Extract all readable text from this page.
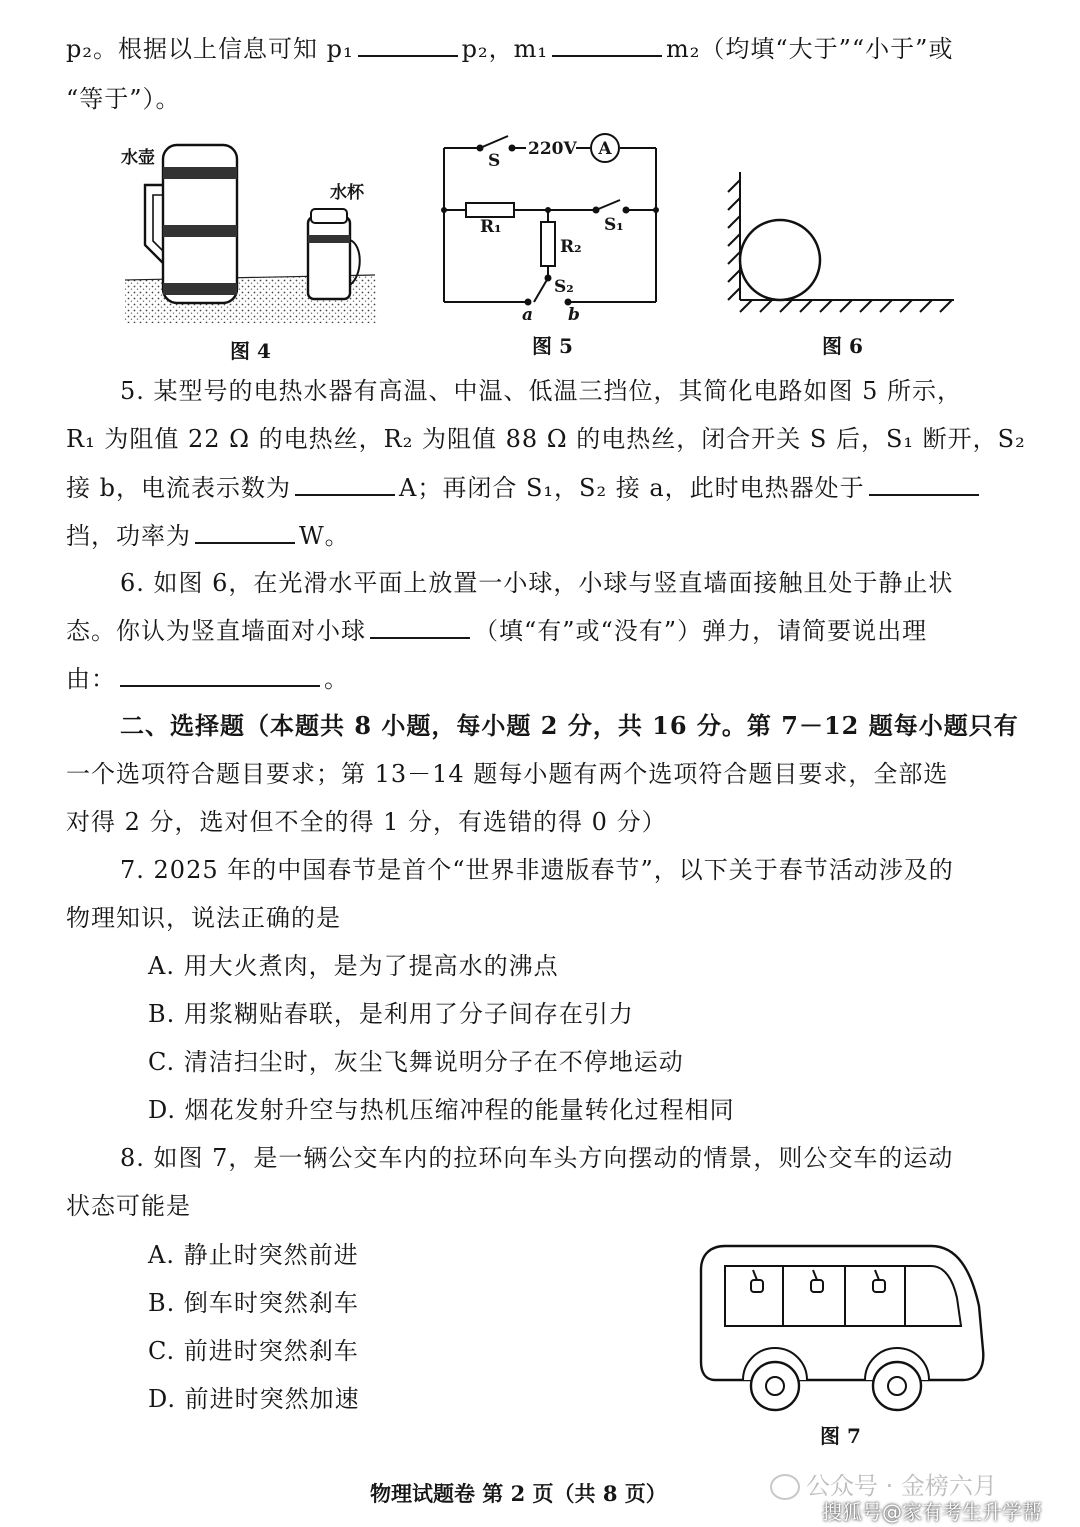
p₂。根据以上信息可知 p₁	p₂，m₁	m₂（均填“大于”“小于”或
“等于”）。
水壶
水杯
图 4
A
220V
S
R₁
R₂
S₁
S₂
a b
图 5	图 6
5. 某型号的电热水器有高温、中温、低温三挡位，其简化电路如图 5 所示，
R₁ 为阻值 22 Ω 的电热丝，R₂ 为阻值 88 Ω 的电热丝，闭合开关 S 后，S₁ 断开，S₂
接 b，电流表示数为	A；再闭合 S₁，S₂ 接 a，此时电热器处于
挡，功率为	W。
6. 如图 6，在光滑水平面上放置一小球，小球与竖直墙面接触且处于静止状
态。你认为竖直墙面对小球	（填“有”或“没有”）弹力，请简要说出理
由：	。
二、选择题（本题共 8 小题，每小题 2 分，共 16 分。第 7－12 题每小题只有
一个选项符合题目要求；第 13－14 题每小题有两个选项符合题目要求，全部选
对得 2 分，选对但不全的得 1 分，有选错的得 0 分）
7. 2025 年的中国春节是首个“世界非遗版春节”，以下关于春节活动涉及的
物理知识，说法正确的是
A. 用大火煮肉，是为了提高水的沸点
B. 用浆糊贴春联，是利用了分子间存在引力
C. 清洁扫尘时，灰尘飞舞说明分子在不停地运动
D. 烟花发射升空与热机压缩冲程的能量转化过程相同
8. 如图 7，是一辆公交车内的拉环向车头方向摆动的情景，则公交车的运动
状态可能是
A. 静止时突然前进
B. 倒车时突然刹车
C. 前进时突然刹车
D. 前进时突然加速
图 7
物理试题卷 第 2 页（共 8 页）	公众号 · 金榜六月
搜狐号@家有考生升学帮
